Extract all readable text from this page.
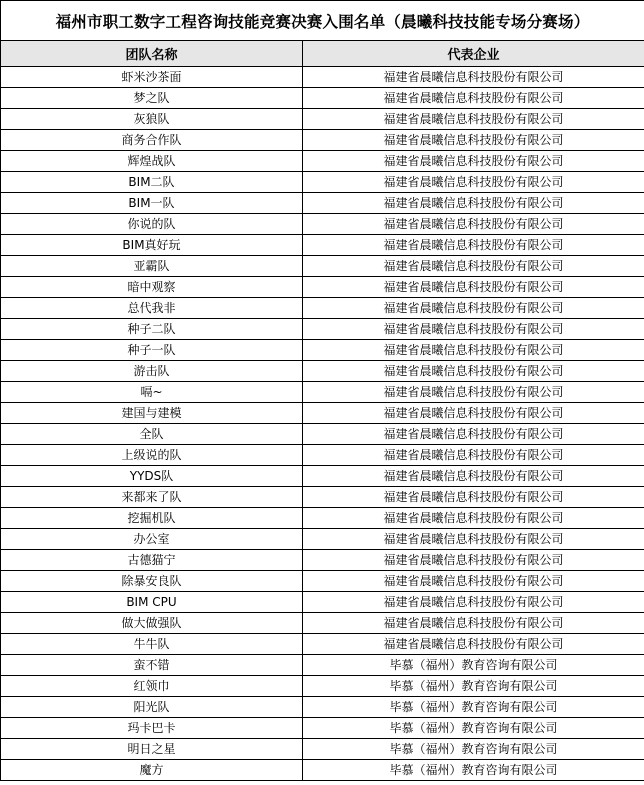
福州市职工数字工程咨询技能竞赛决赛入围名单（晨曦科技技能专场分赛场）	
团队名称	代表企业
虾米沙茶面	福建省晨曦信息科技股份有限公司
梦之队	福建省晨曦信息科技股份有限公司
灰狼队	福建省晨曦信息科技股份有限公司
商务合作队	福建省晨曦信息科技股份有限公司
辉煌战队	福建省晨曦信息科技股份有限公司
BIM二队	福建省晨曦信息科技股份有限公司
BIM一队	福建省晨曦信息科技股份有限公司
你说的队	福建省晨曦信息科技股份有限公司
BIM真好玩	福建省晨曦信息科技股份有限公司
亚霸队	福建省晨曦信息科技股份有限公司
暗中观察	福建省晨曦信息科技股份有限公司
总代我非	福建省晨曦信息科技股份有限公司
种子二队	福建省晨曦信息科技股份有限公司
种子一队	福建省晨曦信息科技股份有限公司
游击队	福建省晨曦信息科技股份有限公司
嗝~	福建省晨曦信息科技股份有限公司
建国与建模	福建省晨曦信息科技股份有限公司
全队	福建省晨曦信息科技股份有限公司
上级说的队	福建省晨曦信息科技股份有限公司
YYDS队	福建省晨曦信息科技股份有限公司
来都来了队	福建省晨曦信息科技股份有限公司
挖掘机队	福建省晨曦信息科技股份有限公司
办公室	福建省晨曦信息科技股份有限公司
古德猫宁	福建省晨曦信息科技股份有限公司
除暴安良队	福建省晨曦信息科技股份有限公司
BIM CPU	福建省晨曦信息科技股份有限公司
做大做强队	福建省晨曦信息科技股份有限公司
牛牛队	福建省晨曦信息科技股份有限公司
蛮不错	毕慕（福州）教育咨询有限公司
红领巾	毕慕（福州）教育咨询有限公司
阳光队	毕慕（福州）教育咨询有限公司
玛卡巴卡	毕慕（福州）教育咨询有限公司
明日之星	毕慕（福州）教育咨询有限公司
魔方	毕慕（福州）教育咨询有限公司
